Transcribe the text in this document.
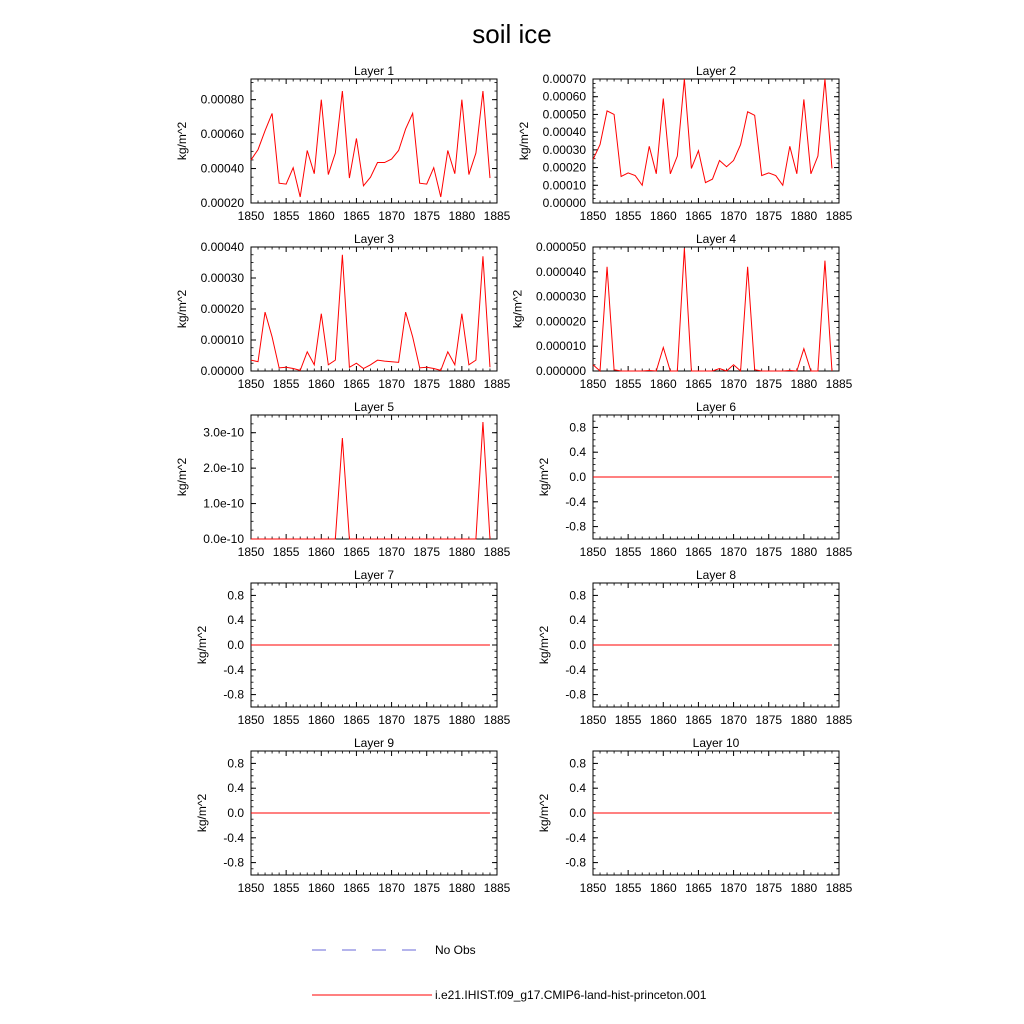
soil ice
Layer 1
1850 1855 1860 1865 1870 1875 1880 1885
0.00020
0.00040
0.00060
0.00080
kg/m^2
Layer 2
1850 1855 1860 1865 1870 1875 1880 1885
0.00000
0.00010
0.00020
0.00030
0.00040
0.00050
0.00060
0.00070
kg/m^2
Layer 3
1850 1855 1860 1865 1870 1875 1880 1885
0.00000
0.00010
0.00020
0.00030
0.00040
kg/m^2
Layer 4
1850 1855 1860 1865 1870 1875 1880 1885
0.000000
0.000010
0.000020
0.000030
0.000040
0.000050
kg/m^2
Layer 5
1850 1855 1860 1865 1870 1875 1880 1885
0.0e-10
1.0e-10
2.0e-10
3.0e-10
kg/m^2
Layer 6
1850 1855 1860 1865 1870 1875 1880 1885
-0.8
-0.4
0.0
0.4
0.8
kg/m^2
Layer 7
1850 1855 1860 1865 1870 1875 1880 1885
-0.8
-0.4
0.0
0.4
0.8
kg/m^2
Layer 8
1850 1855 1860 1865 1870 1875 1880 1885
-0.8
-0.4
0.0
0.4
0.8
kg/m^2
Layer 9
1850 1855 1860 1865 1870 1875 1880 1885
-0.8
-0.4
0.0
0.4
0.8
kg/m^2
Layer 10
1850 1855 1860 1865 1870 1875 1880 1885
-0.8
-0.4
0.0
0.4
0.8
kg/m^2
No Obs
i.e21.IHIST.f09_g17.CMIP6-land-hist-princeton.001
